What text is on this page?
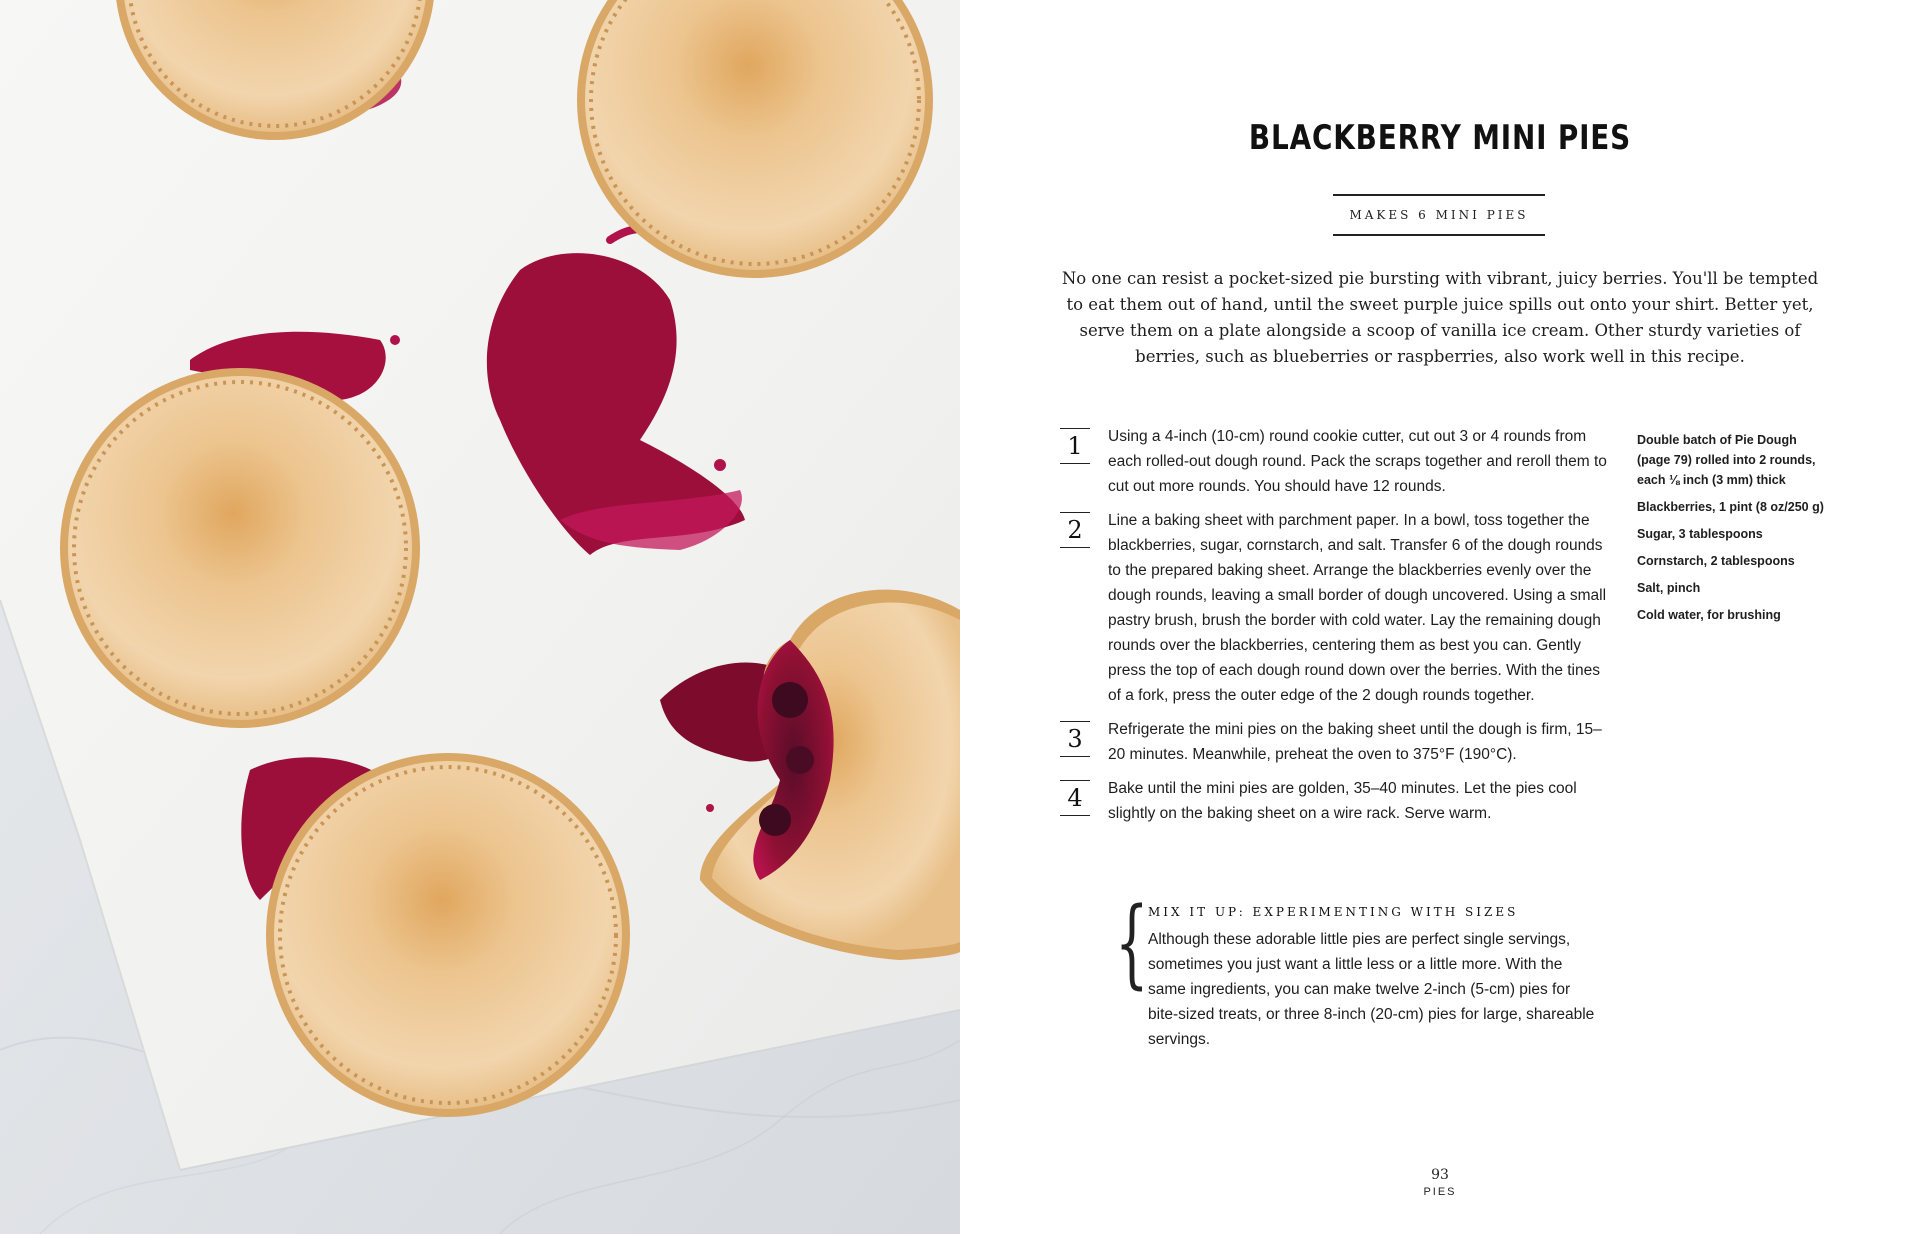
BLACKBERRY MINI PIES
MAKES 6 MINI PIES
No one can resist a pocket-sized pie bursting with vibrant, juicy berries. You'll be tempted to eat them out of hand, until the sweet purple juice spills out onto your shirt. Better yet, serve them on a plate alongside a scoop of vanilla ice cream. Other sturdy varieties of berries, such as blueberries or raspberries, also work well in this recipe.
1	Using a 4-inch (10-cm) round cookie cutter, cut out 3 or 4 rounds from each rolled-out dough round. Pack the scraps together and reroll them to cut out more rounds. You should have 12 rounds.
2	Line a baking sheet with parchment paper. In a bowl, toss together the blackberries, sugar, cornstarch, and salt. Transfer 6 of the dough rounds to the prepared baking sheet. Arrange the blackberries evenly over the dough rounds, leaving a small border of dough uncovered. Using a small pastry brush, brush the border with cold water. Lay the remaining dough rounds over the blackberries, centering them as best you can. Gently press the top of each dough round down over the berries. With the tines of a fork, press the outer edge of the 2 dough rounds together.
3	Refrigerate the mini pies on the baking sheet until the dough is firm, 15–20 minutes. Meanwhile, preheat the oven to 375°F (190°C).
4	Bake until the mini pies are golden, 35–40 minutes. Let the pies cool slightly on the baking sheet on a wire rack. Serve warm.
Double batch of Pie Dough (page 79) rolled into 2 rounds, each ⅛ inch (3 mm) thick
Blackberries, 1 pint (8 oz/250 g)
Sugar, 3 tablespoons
Cornstarch, 2 tablespoons
Salt, pinch
Cold water, for brushing
{ MIX IT UP: EXPERIMENTING WITH SIZES
Although these adorable little pies are perfect single servings, sometimes you just want a little less or a little more. With the same ingredients, you can make twelve 2-inch (5-cm) pies for bite-sized treats, or three 8-inch (20-cm) pies for large, shareable servings.
93
PIES
